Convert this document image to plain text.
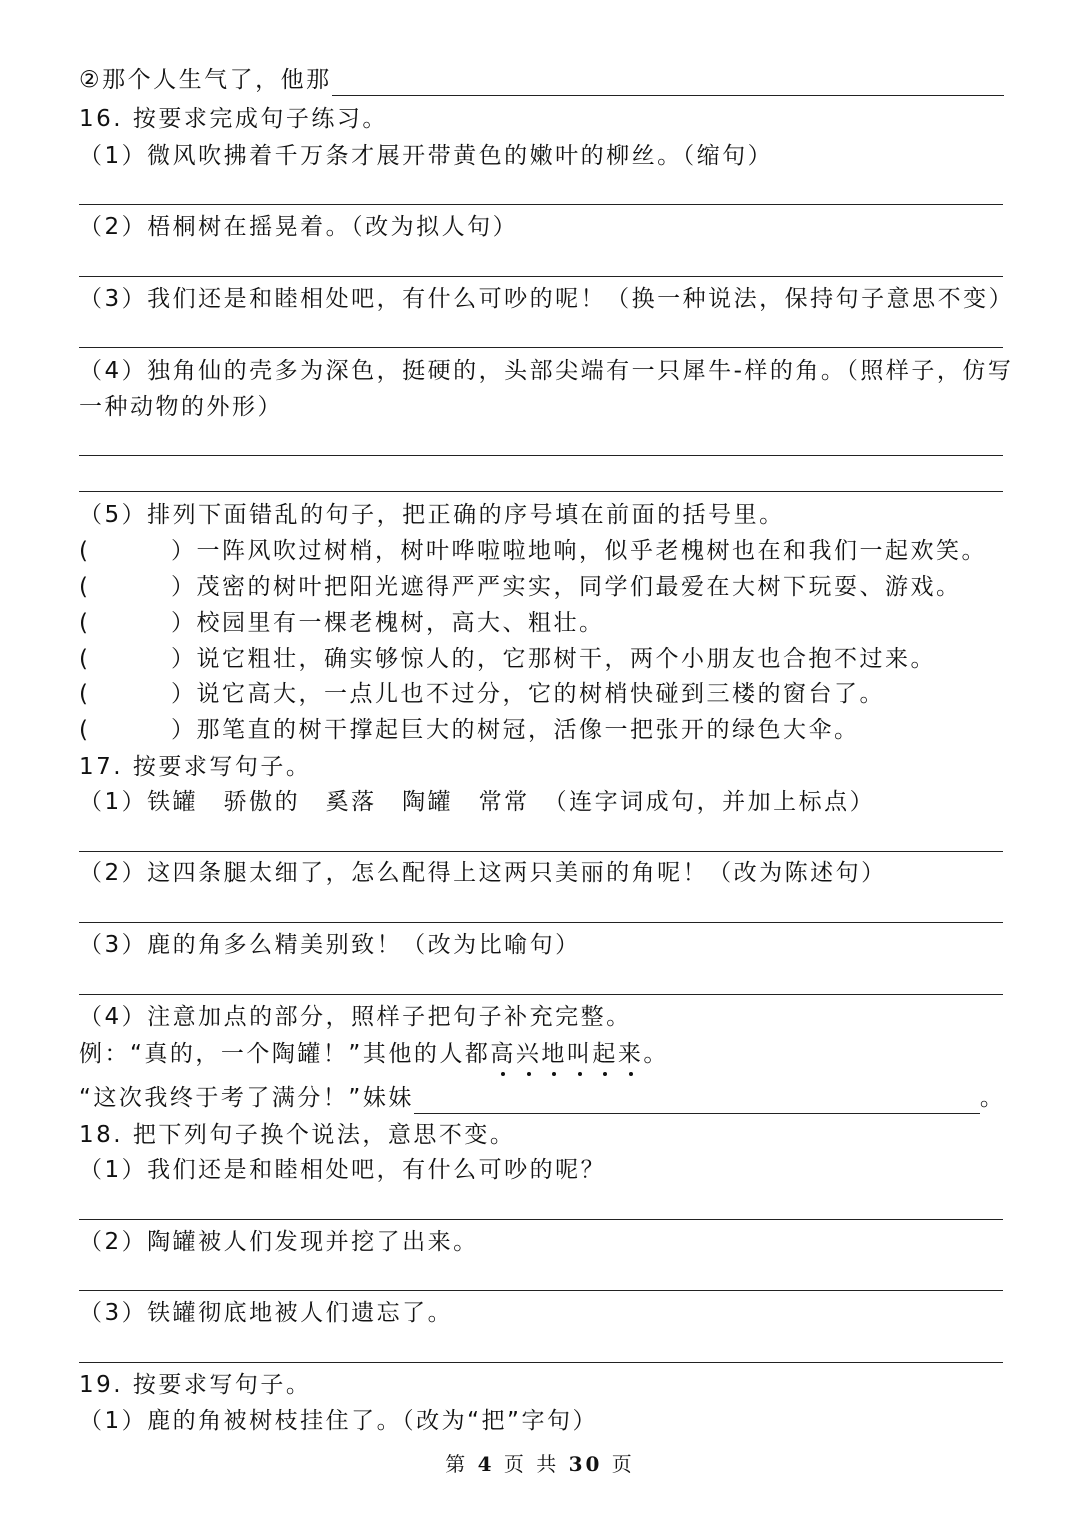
②那个人生气了，他那
16. 按要求完成句子练习。
（1）微风吹拂着千万条才展开带黄色的嫩叶的柳丝。（缩句）
（2）梧桐树在摇晃着。（改为拟人句）
（3）我们还是和睦相处吧，有什么可吵的呢！（换一种说法，保持句子意思不变）
（4）独角仙的壳多为深色，挺硬的，头部尖端有一只犀牛-样的角。（照样子，仿写
一种动物的外形）
（5）排列下面错乱的句子，把正确的序号填在前面的括号里。
(	）一阵风吹过树梢，树叶哗啦啦地响，似乎老槐树也在和我们一起欢笑。
(	）茂密的树叶把阳光遮得严严实实，同学们最爱在大树下玩耍、游戏。
(	）校园里有一棵老槐树，高大、粗壮。
(	）说它粗壮，确实够惊人的，它那树干，两个小朋友也合抱不过来。
(	）说它高大，一点儿也不过分，它的树梢快碰到三楼的窗台了。
(	）那笔直的树干撑起巨大的树冠，活像一把张开的绿色大伞。
17. 按要求写句子。
（1）铁罐　骄傲的　奚落　陶罐　常常　（连字词成句，并加上标点）
（2）这四条腿太细了，怎么配得上这两只美丽的角呢！（改为陈述句）
（3）鹿的角多么精美别致！（改为比喻句）
（4）注意加点的部分，照样子把句子补充完整。
例：“真的，一个陶罐！”其他的人都高兴地叫起来。
“这次我终于考了满分！”妹妹	。
18. 把下列句子换个说法，意思不变。
（1）我们还是和睦相处吧，有什么可吵的呢？
（2）陶罐被人们发现并挖了出来。
（3）铁罐彻底地被人们遗忘了。
19. 按要求写句子。
（1）鹿的角被树枝挂住了。（改为“把”字句）
第 4 页 共 30 页
